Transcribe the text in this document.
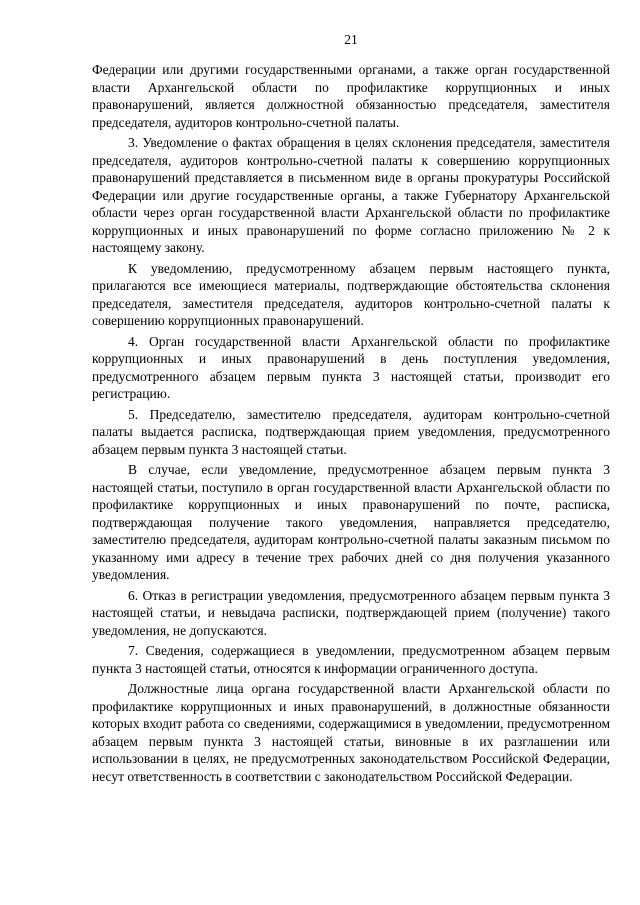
21

Федерации или другими государственными органами, а также орган государственной власти Архангельской области по профилактике коррупционных и иных правонарушений, является должностной обязанностью председателя, заместителя председателя, аудиторов контрольно-счетной палаты.

3. Уведомление о фактах обращения в целях склонения председателя, заместителя председателя, аудиторов контрольно-счетной палаты к совершению коррупционных правонарушений представляется в письменном виде в органы прокуратуры Российской Федерации или другие государственные органы, а также Губернатору Архангельской области через орган государственной власти Архангельской области по профилактике коррупционных и иных правонарушений по форме согласно приложению № 2 к настоящему закону.

К уведомлению, предусмотренному абзацем первым настоящего пункта, прилагаются все имеющиеся материалы, подтверждающие обстоятельства склонения председателя, заместителя председателя, аудиторов контрольно-счетной палаты к совершению коррупционных правонарушений.

4. Орган государственной власти Архангельской области по профилактике коррупционных и иных правонарушений в день поступления уведомления, предусмотренного абзацем первым пункта 3 настоящей статьи, производит его регистрацию.

5. Председателю, заместителю председателя, аудиторам контрольно-счетной палаты выдается расписка, подтверждающая прием уведомления, предусмотренного абзацем первым пункта 3 настоящей статьи.

В случае, если уведомление, предусмотренное абзацем первым пункта 3 настоящей статьи, поступило в орган государственной власти Архангельской области по профилактике коррупционных и иных правонарушений по почте, расписка, подтверждающая получение такого уведомления, направляется председателю, заместителю председателя, аудиторам контрольно-счетной палаты заказным письмом по указанному ими адресу в течение трех рабочих дней со дня получения указанного уведомления.

6. Отказ в регистрации уведомления, предусмотренного абзацем первым пункта 3 настоящей статьи, и невыдача расписки, подтверждающей прием (получение) такого уведомления, не допускаются.

7. Сведения, содержащиеся в уведомлении, предусмотренном абзацем первым пункта 3 настоящей статьи, относятся к информации ограниченного доступа.

Должностные лица органа государственной власти Архангельской области по профилактике коррупционных и иных правонарушений, в должностные обязанности которых входит работа со сведениями, содержащимися в уведомлении, предусмотренном абзацем первым пункта 3 настоящей статьи, виновные в их разглашении или использовании в целях, не предусмотренных законодательством Российской Федерации, несут ответственность в соответствии с законодательством Российской Федерации.
